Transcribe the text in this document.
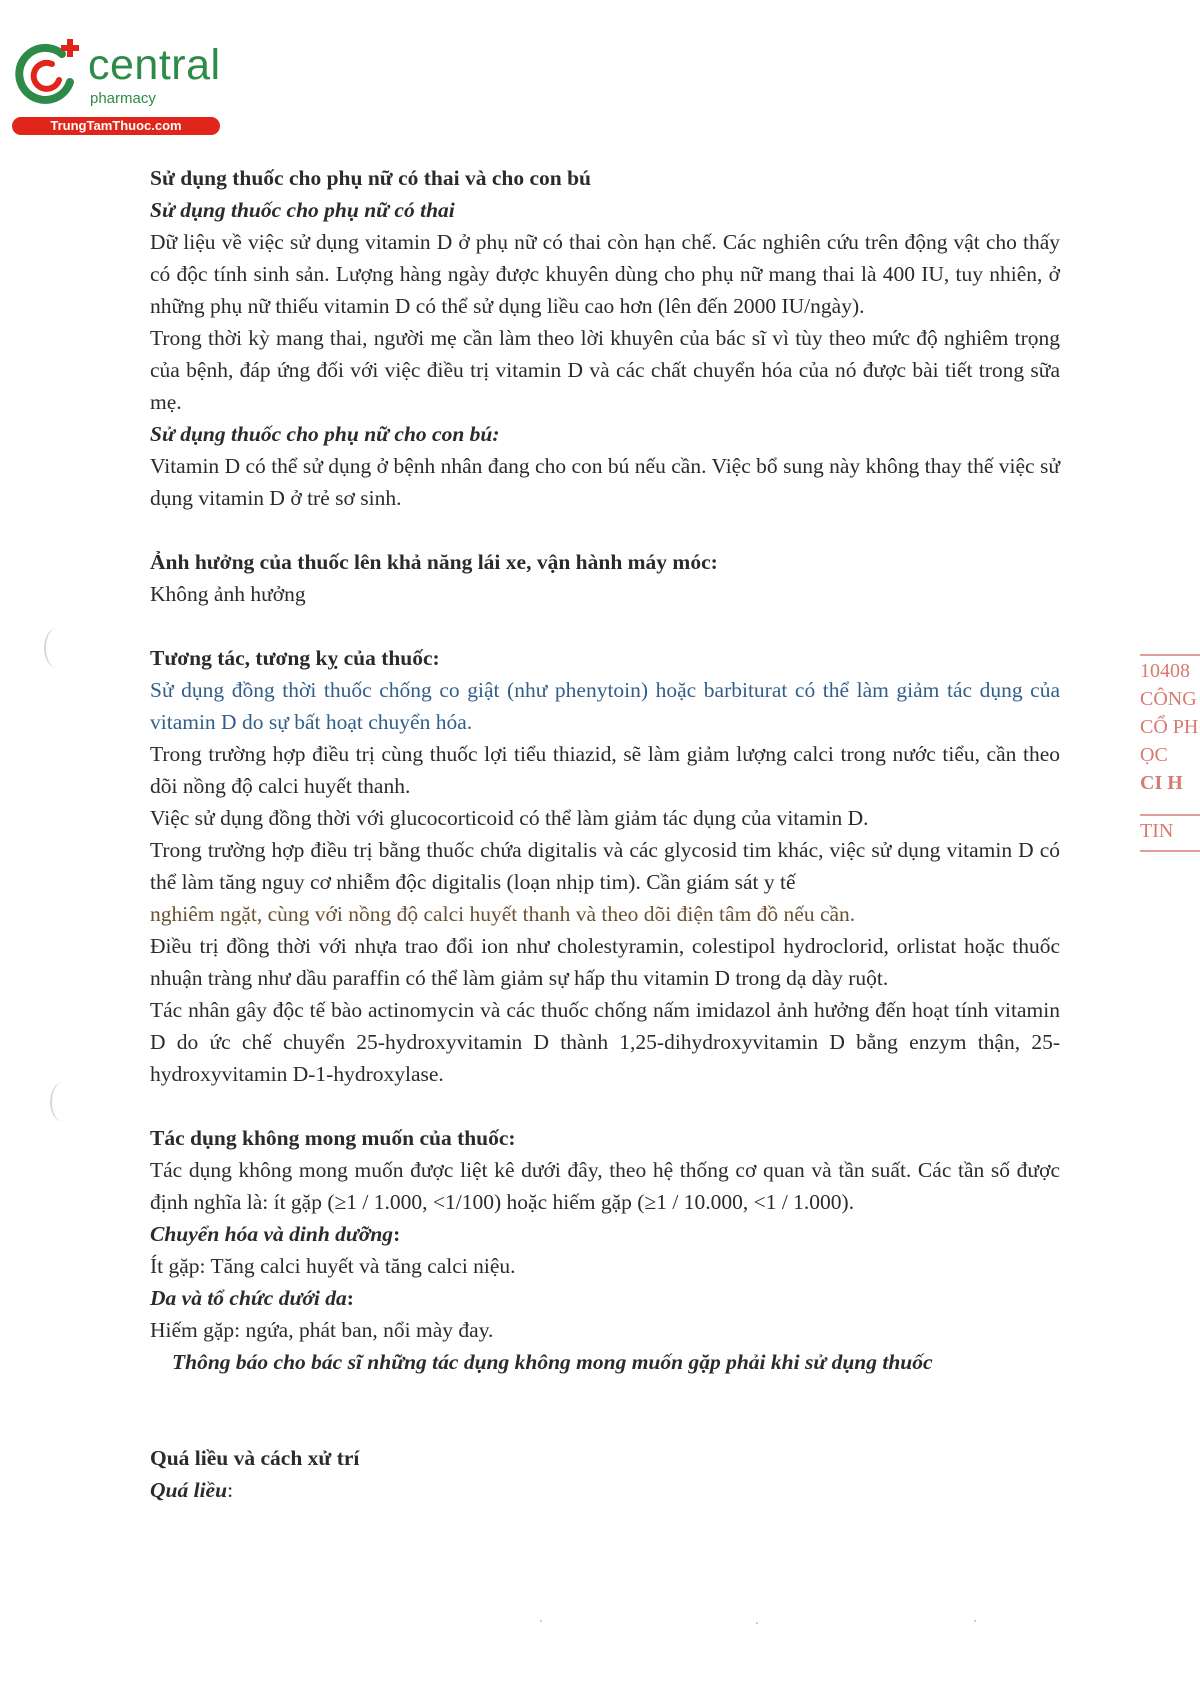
central
pharmacy
TrungTamThuoc.com

Sử dụng thuốc cho phụ nữ có thai và cho con bú

Sử dụng thuốc cho phụ nữ có thai

Dữ liệu về việc sử dụng vitamin D ở phụ nữ có thai còn hạn chế. Các nghiên cứu trên động vật cho thấy có độc tính sinh sản. Lượng hàng ngày được khuyên dùng cho phụ nữ mang thai là 400 IU, tuy nhiên, ở những phụ nữ thiếu vitamin D có thể sử dụng liều cao hơn (lên đến 2000 IU/ngày).

Trong thời kỳ mang thai, người mẹ cần làm theo lời khuyên của bác sĩ vì tùy theo mức độ nghiêm trọng của bệnh, đáp ứng đối với việc điều trị vitamin D và các chất chuyển hóa của nó được bài tiết trong sữa mẹ.

Sử dụng thuốc cho phụ nữ cho con bú:

Vitamin D có thể sử dụng ở bệnh nhân đang cho con bú nếu cần. Việc bổ sung này không thay thế việc sử dụng vitamin D ở trẻ sơ sinh.

Ảnh hưởng của thuốc lên khả năng lái xe, vận hành máy móc:

Không ảnh hưởng

Tương tác, tương kỵ của thuốc:

Sử dụng đồng thời thuốc chống co giật (như phenytoin) hoặc barbiturat có thể làm giảm tác dụng của vitamin D do sự bất hoạt chuyển hóa.

Trong trường hợp điều trị cùng thuốc lợi tiểu thiazid, sẽ làm giảm lượng calci trong nước tiểu, cần theo dõi nồng độ calci huyết thanh.

Việc sử dụng đồng thời với glucocorticoid có thể làm giảm tác dụng của vitamin D.

Trong trường hợp điều trị bằng thuốc chứa digitalis và các glycosid tim khác, việc sử dụng vitamin D có thể làm tăng nguy cơ nhiễm độc digitalis (loạn nhịp tim). Cần giám sát y tế

nghiêm ngặt, cùng với nồng độ calci huyết thanh và theo dõi điện tâm đồ nếu cần.

Điều trị đồng thời với nhựa trao đổi ion như cholestyramin, colestipol hydroclorid, orlistat hoặc thuốc nhuận tràng như dầu paraffin có thể làm giảm sự hấp thu vitamin D trong dạ dày ruột.

Tác nhân gây độc tế bào actinomycin và các thuốc chống nấm imidazol ảnh hưởng đến hoạt tính vitamin D do ức chế chuyển 25-hydroxyvitamin D thành 1,25-dihydroxyvitamin D bằng enzym thận, 25-hydroxyvitamin D-1-hydroxylase.

Tác dụng không mong muốn của thuốc:

Tác dụng không mong muốn được liệt kê dưới đây, theo hệ thống cơ quan và tần suất. Các tần số được định nghĩa là: ít gặp (≥1 / 1.000, <1/100) hoặc hiếm gặp (≥1 / 10.000, <1 / 1.000).

Chuyển hóa và dinh dưỡng:

Ít gặp: Tăng calci huyết và tăng calci niệu.

Da và tổ chức dưới da:

Hiếm gặp: ngứa, phát ban, nổi mày đay.

Thông báo cho bác sĩ những tác dụng không mong muốn gặp phải khi sử dụng thuốc

Quá liều và cách xử trí

Quá liều:

10408
CÔNG
CỔ PH
ỌC
CI H
TIN
